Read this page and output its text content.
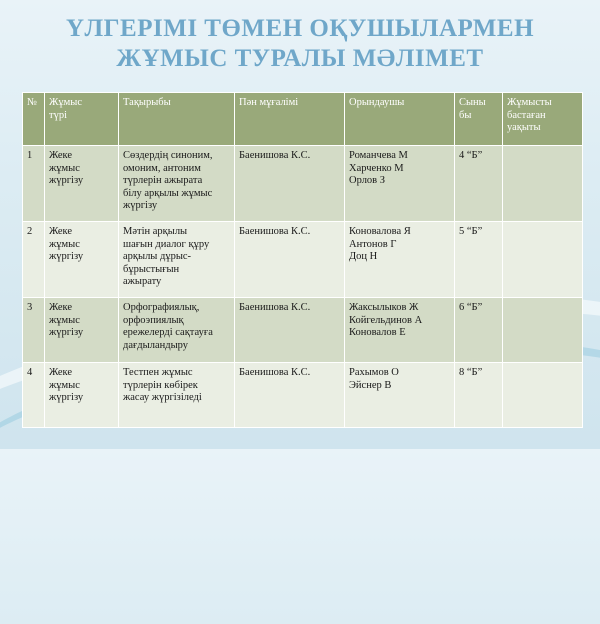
ҮЛГЕРІМІ ТӨМЕН ОҚУШЫЛАРМЕН
ЖҰМЫС ТУРАЛЫ МӘЛІМЕТ
№	Жұмыс
түрі	Тақырыбы	Пән мұғалімі	Орындаушы	Сыны
бы	Жұмысты
бастаған
уақыты

1	Жеке
жұмыс
жүргізу	Сөздердің синоним,
омоним, антоним
түрлерін ажырата
білу арқылы жұмыс
жүргізу	Баенишова К.С.	Романчева М
Харченко М
Орлов З	4 “Б”	
2	Жеке
жұмыс
жүргізу	Мәтін арқылы
шағын диалог құру
арқылы дұрыс-
бұрыстығын
ажырату	Баенишова К.С.	Коновалова Я
Антонов Г
Доц Н	5 “Б”	
3	Жеке
жұмыс
жүргізу	Орфографиялық,
орфоэпиялық
ережелерді сақтауға
дағдыландыру	Баенишова К.С.	Жаксылыков Ж
Койгельдинов А
Коновалов Е	6 “Б”	
4	Жеке
жұмыс
жүргізу	Тестпен жұмыс
түрлерін көбірек
жасау жүргізіледі	Баенишова К.С.	Рахымов О
Эйснер В	8 “Б”	
